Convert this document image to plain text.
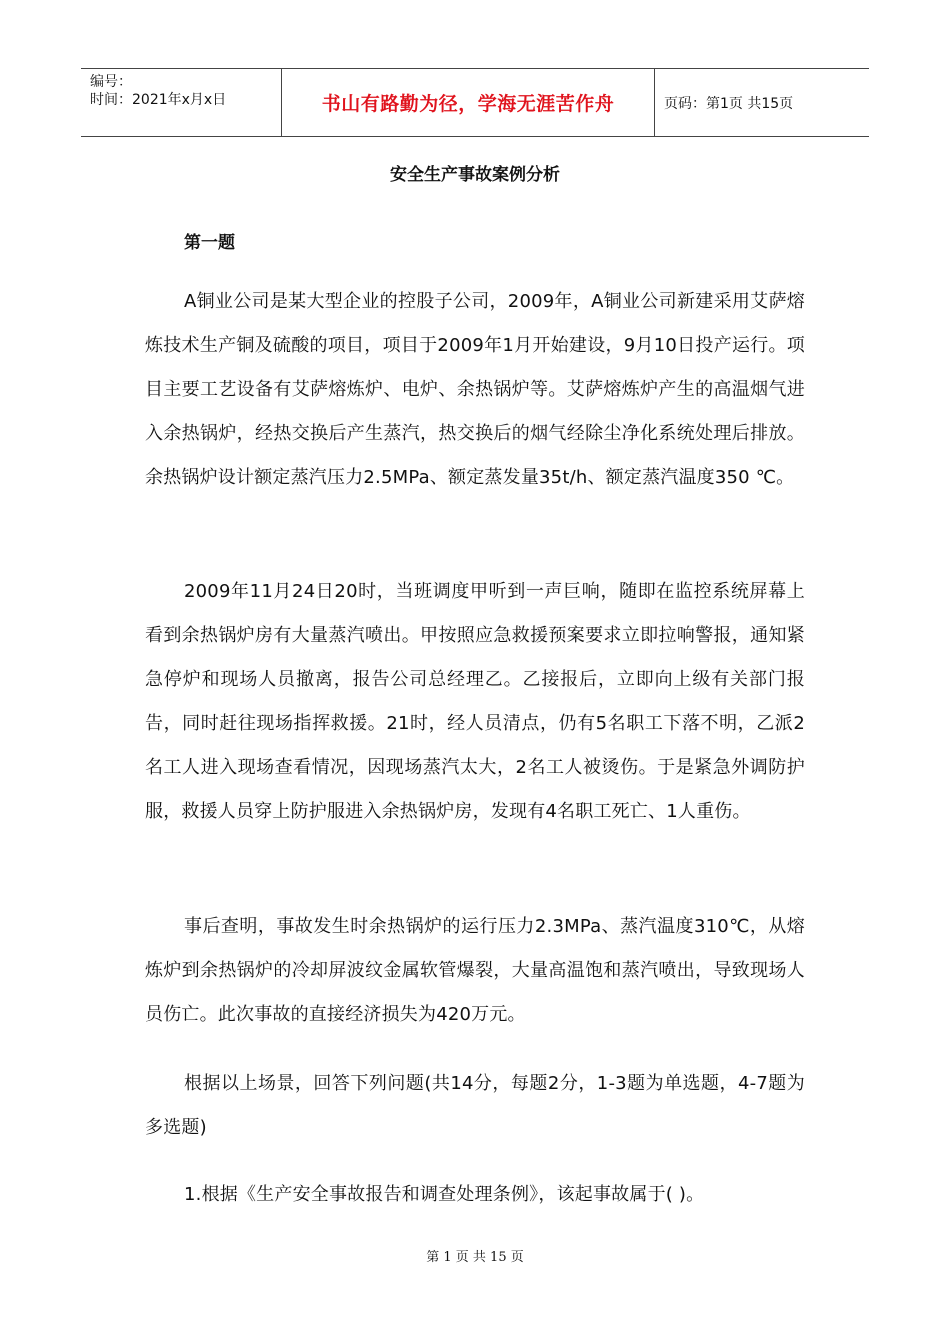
编号：
时间：2021年x月x日	书山有路勤为径，学海无涯苦作舟	页码：第1页 共15页
安全生产事故案例分析
第一题

A铜业公司是某大型企业的控股子公司，2009年，A铜业公司新建采用艾萨熔炼技术生产铜及硫酸的项目，项目于2009年1月开始建设，9月10日投产运行。项目主要工艺设备有艾萨熔炼炉、电炉、余热锅炉等。艾萨熔炼炉产生的高温烟气进入余热锅炉，经热交换后产生蒸汽，热交换后的烟气经除尘净化系统处理后排放。余热锅炉设计额定蒸汽压力2.5MPa、额定蒸发量35t/h、额定蒸汽温度350 ℃。

2009年11月24日20时，当班调度甲听到一声巨响，随即在监控系统屏幕上看到余热锅炉房有大量蒸汽喷出。甲按照应急救援预案要求立即拉响警报，通知紧急停炉和现场人员撤离，报告公司总经理乙。乙接报后，立即向上级有关部门报告，同时赶往现场指挥救援。21时，经人员清点，仍有5名职工下落不明，乙派2名工人进入现场查看情况，因现场蒸汽太大，2名工人被烫伤。于是紧急外调防护服，救援人员穿上防护服进入余热锅炉房，发现有4名职工死亡、1人重伤。

事后查明，事故发生时余热锅炉的运行压力2.3MPa、蒸汽温度310℃，从熔炼炉到余热锅炉的冷却屏波纹金属软管爆裂，大量高温饱和蒸汽喷出，导致现场人员伤亡。此次事故的直接经济损失为420万元。

根据以上场景，回答下列问题(共14分，每题2分，1-3题为单选题，4-7题为多选题)

1.根据《生产安全事故报告和调查处理条例》，该起事故属于( )。

第 1 页 共 15 页
